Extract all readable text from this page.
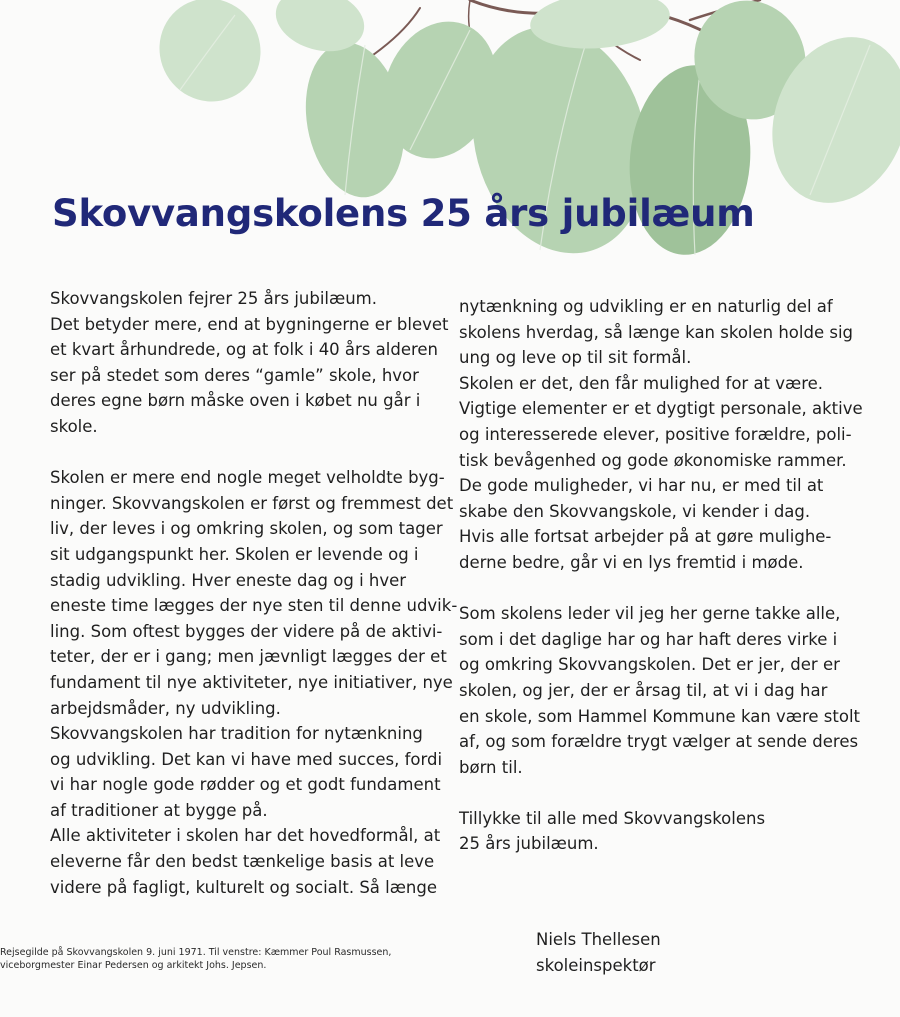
Skovvangskolens 25 års jubilæum
Skovvangskolen fejrer 25 års jubilæum.
Det betyder mere, end at bygningerne er blevet
et kvart århundrede, og at folk i 40 års alderen
ser på stedet som deres “gamle” skole, hvor
deres egne børn måske oven i købet nu går i
skole.
Skolen er mere end nogle meget velholdte byg-
ninger. Skovvangskolen er først og fremmest det
liv, der leves i og omkring skolen, og som tager
sit udgangspunkt her. Skolen er levende og i
stadig udvikling. Hver eneste dag og i hver
eneste time lægges der nye sten til denne udvik-
ling. Som oftest bygges der videre på de aktivi-
teter, der er i gang; men jævnligt lægges der et
fundament til nye aktiviteter, nye initiativer, nye
arbejdsmåder, ny udvikling.
Skovvangskolen har tradition for nytænkning
og udvikling. Det kan vi have med succes, fordi
vi har nogle gode rødder og et godt fundament
af traditioner at bygge på.
Alle aktiviteter i skolen har det hovedformål, at
eleverne får den bedst tænkelige basis at leve
videre på fagligt, kulturelt og socialt. Så længe
nytænkning og udvikling er en naturlig del af
skolens hverdag, så længe kan skolen holde sig
ung og leve op til sit formål.
Skolen er det, den får mulighed for at være.
Vigtige elementer er et dygtigt personale, aktive
og interesserede elever, positive forældre, poli-
tisk bevågenhed og gode økonomiske rammer.
De gode muligheder, vi har nu, er med til at
skabe den Skovvangskole, vi kender i dag.
Hvis alle fortsat arbejder på at gøre mulighe-
derne bedre, går vi en lys fremtid i møde.
Som skolens leder vil jeg her gerne takke alle,
som i det daglige har og har haft deres virke i
og omkring Skovvangskolen. Det er jer, der er
skolen, og jer, der er årsag til, at vi i dag har
en skole, som Hammel Kommune kan være stolt
af, og som forældre trygt vælger at sende deres
børn til.
Tillykke til alle med Skovvangskolens
25 års jubilæum.
Rejsegilde på Skovvangskolen 9. juni 1971. Til venstre: Kæmmer Poul Rasmussen,
viceborgmester Einar Pedersen og arkitekt Johs. Jepsen.
Niels Thellesen
skoleinspektør
